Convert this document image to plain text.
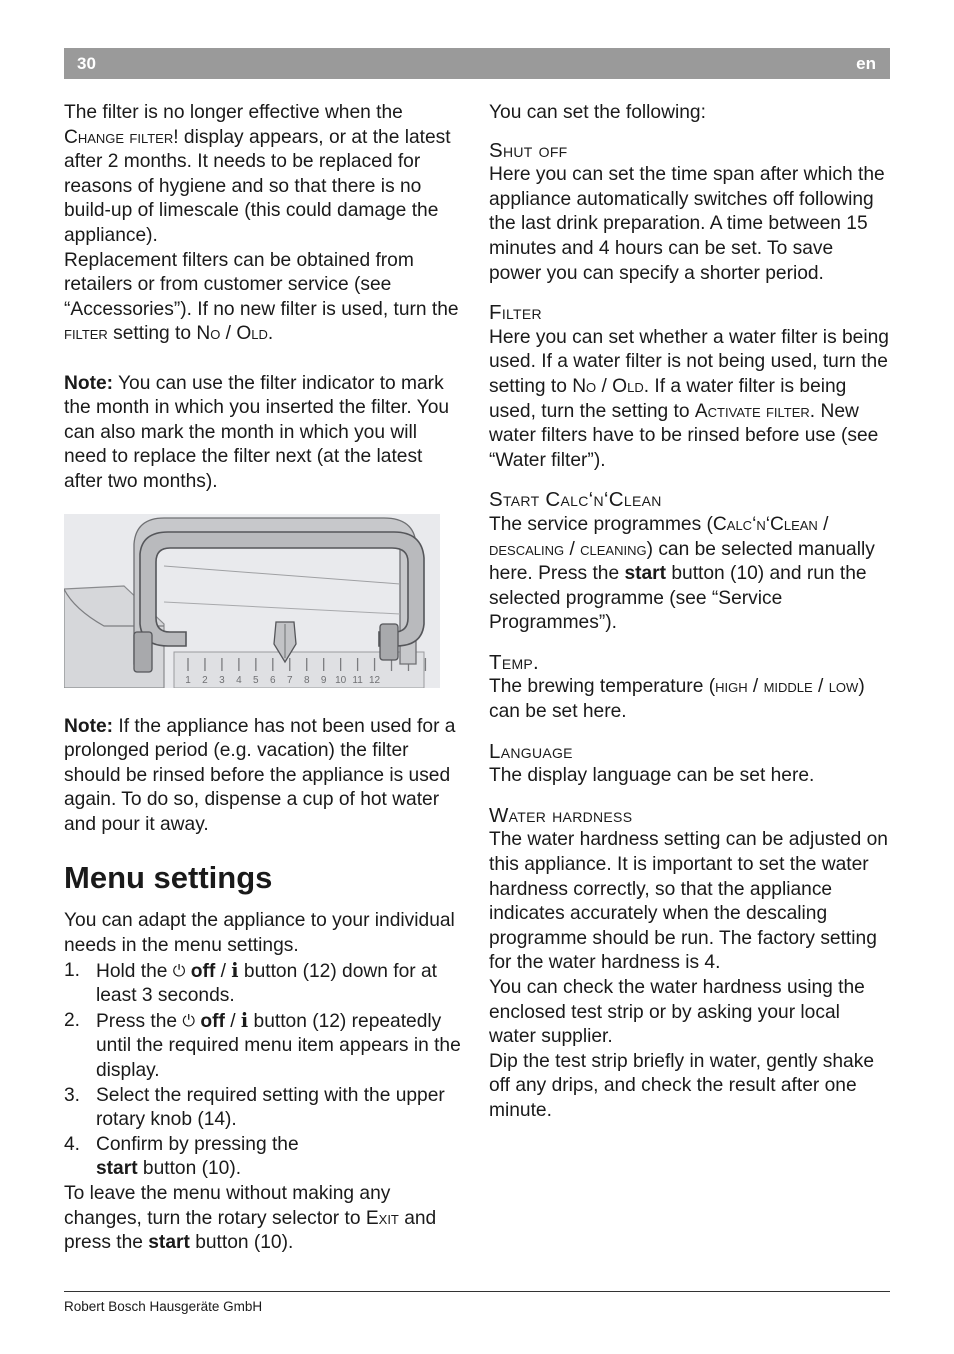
30	en

The filter is no longer effective when the Change filter! display appears, or at the latest after 2 months. It needs to be replaced for reasons of hygiene and so that there is no build-up of limescale (this could damage the appliance).
Replacement filters can be obtained from retailers or from customer service (see “Accessories”). If no new filter is used, turn the filter setting to No / Old.

Note: You can use the filter indicator to mark the month in which you inserted the filter. You can also mark the month in which you will need to replace the filter next (at the latest after two months).

1 2 3 4 5 6 7 8 9 10 11 12

Note: If the appliance has not been used for a prolonged period (e.g. vacation) the filter should be rinsed before the appliance is used again. To do so, dispense a cup of hot water and pour it away.

Menu settings

You can adapt the appliance to your individual needs in the menu settings.

1. Hold the ⏻ off / i button (12) down for at least 3 seconds.
2. Press the ⏻ off / i button (12) repeatedly until the required menu item appears in the display.
3. Select the required setting with the upper rotary knob (14).
4. Confirm by pressing the
start button (10).

To leave the menu without making any changes, turn the rotary selector to Exit and press the start button (10).

You can set the following:

Shut off

Here you can set the time span after which the appliance automatically switches off following the last drink preparation. A time between 15 minutes and 4 hours can be set. To save power you can specify a shorter period.

Filter

Here you can set whether a water filter is being used. If a water filter is not being used, turn the setting to No / Old. If a water filter is being used, turn the setting to Activate filter. New water filters have to be rinsed before use (see “Water filter”).

Start Calc‘n‘Clean

The service programmes (Calc‘n‘Clean / descaling / cleaning) can be selected manually here. Press the start button (10) and run the selected programme (see “Service Programmes”).

Temp.

The brewing temperature (high / middle / low) can be set here.

Language

The display language can be set here.

Water hardness

The water hardness setting can be adjusted on this appliance. It is important to set the water hardness correctly, so that the appliance indicates accurately when the descaling programme should be run. The factory setting for the water hardness is 4.

You can check the water hardness using the enclosed test strip or by asking your local water supplier.

Dip the test strip briefly in water, gently shake off any drips, and check the result after one minute.

Robert Bosch Hausgeräte GmbH
